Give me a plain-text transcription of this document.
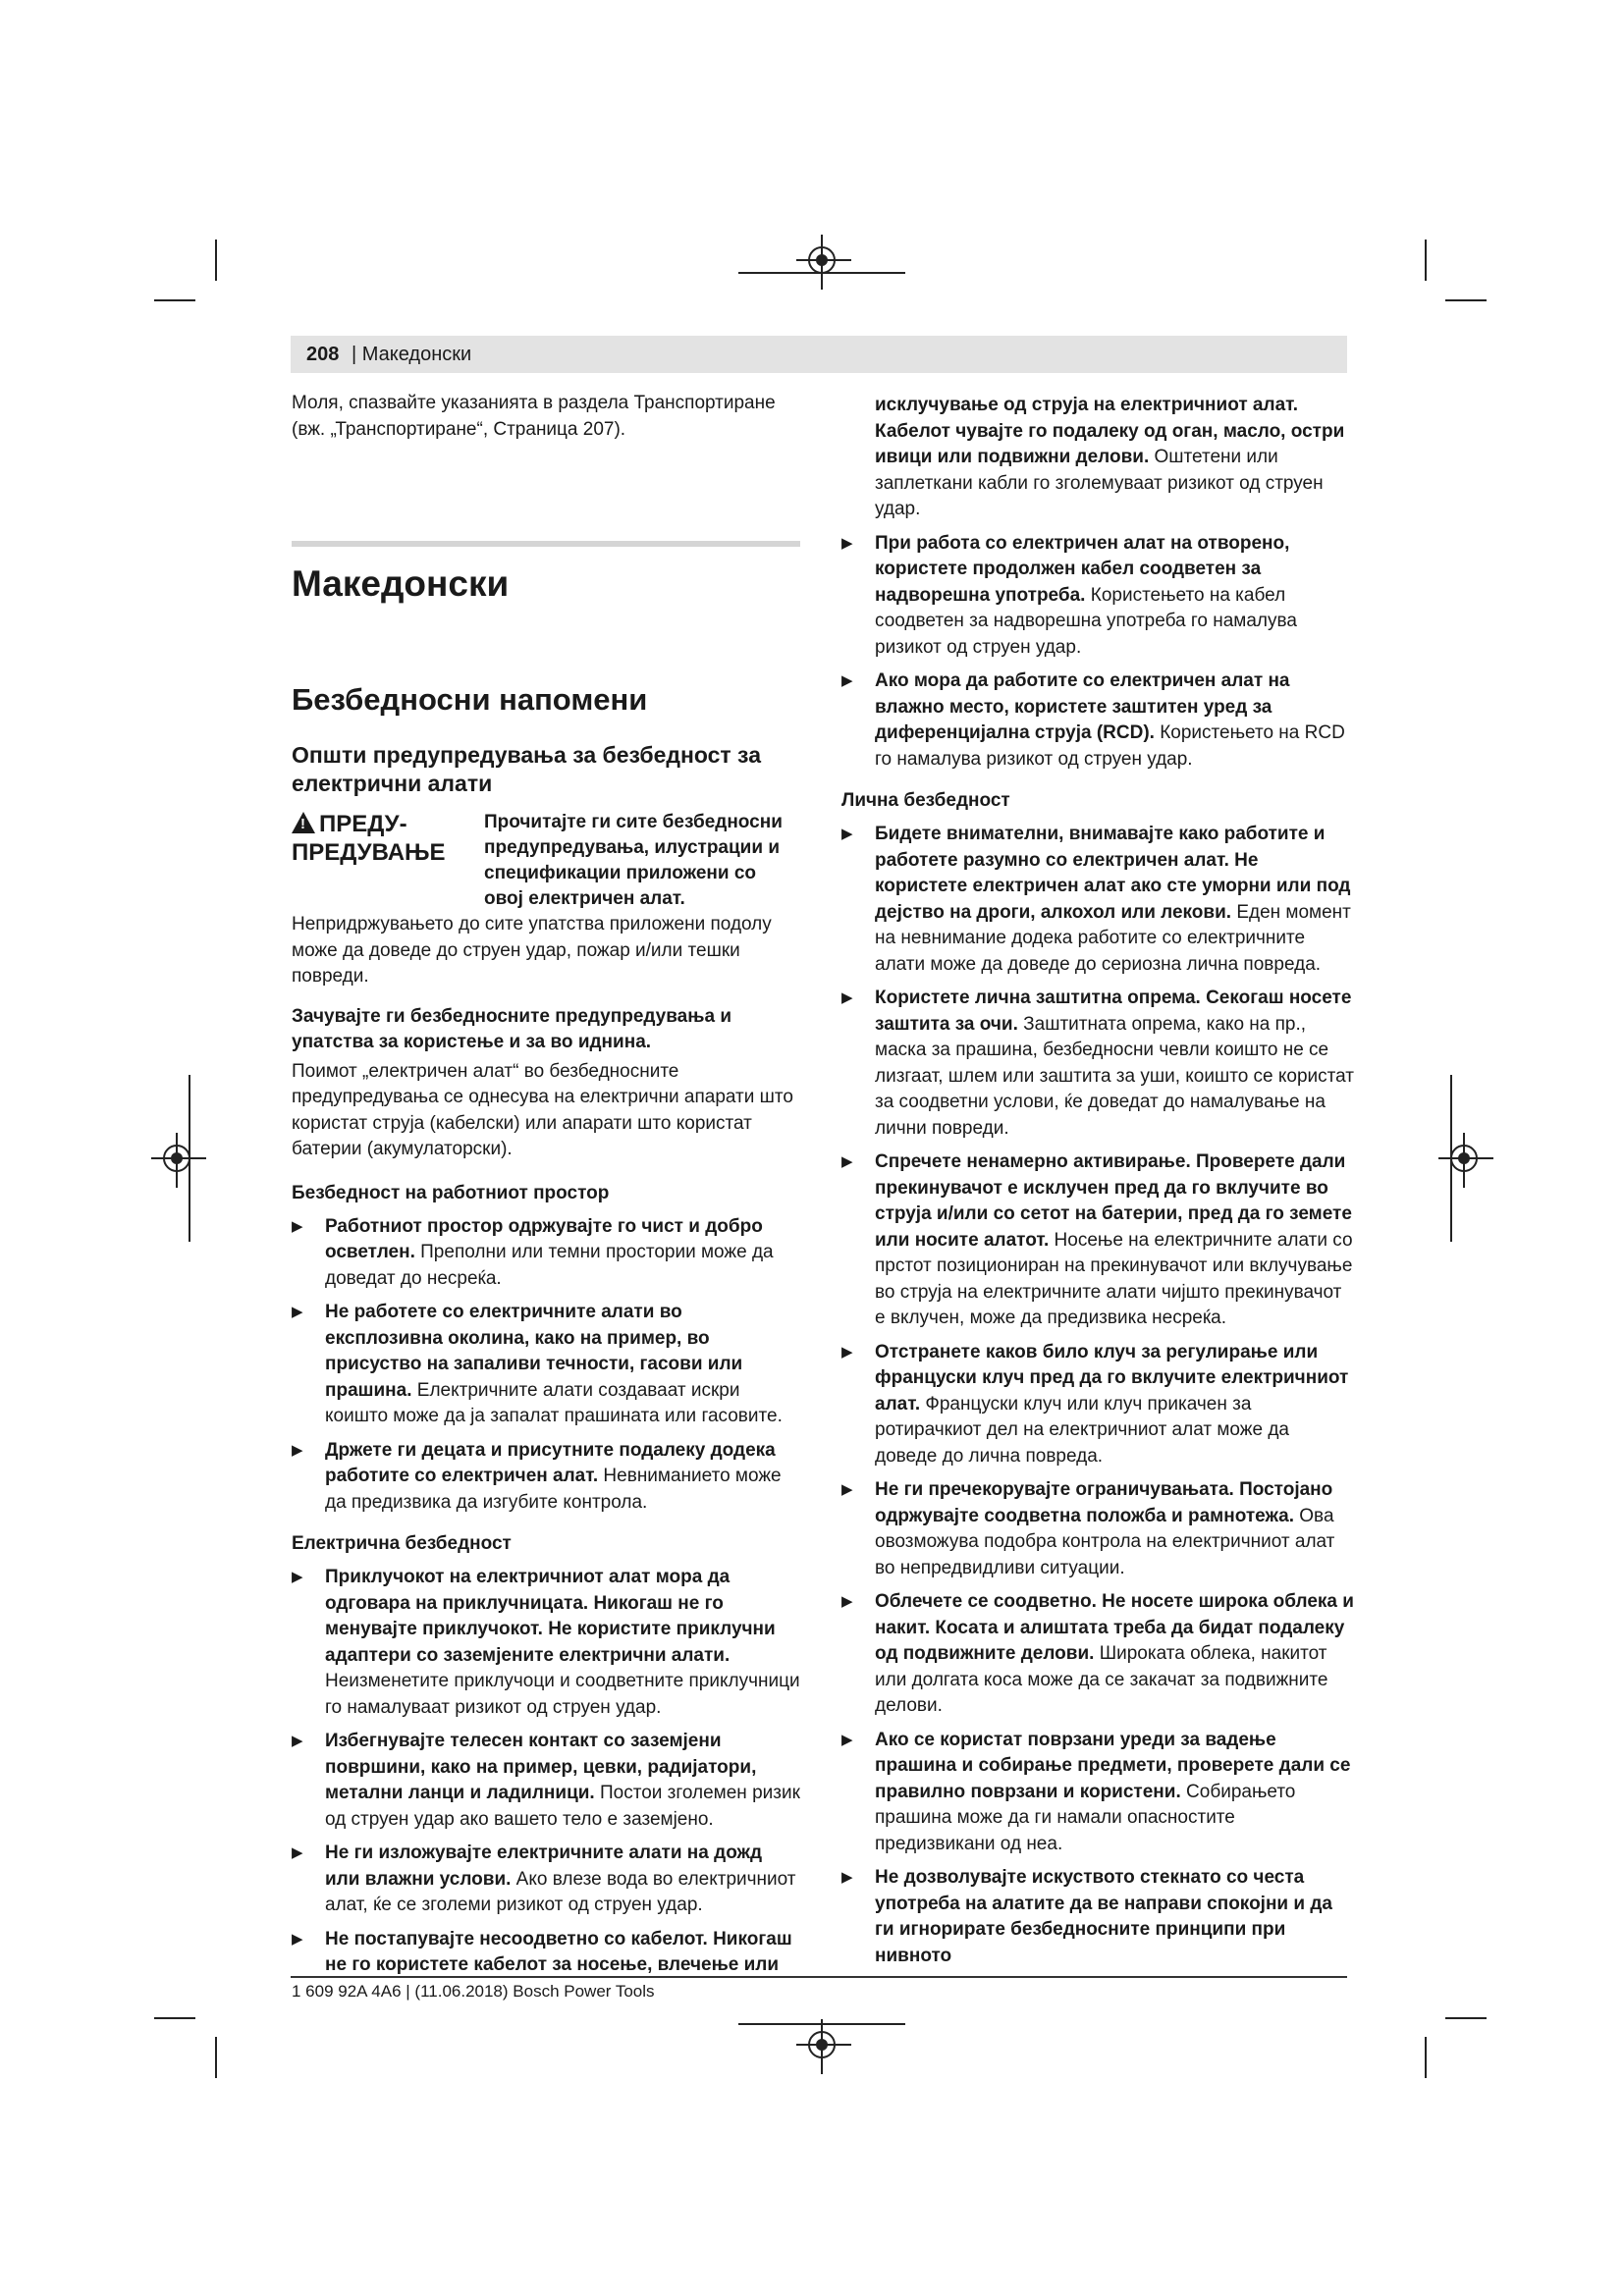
208 | Македонски

Моля, спазвайте указанията в раздела Транспортиране (вж. „Транспортиране“, Страница 207).

Македонски
Безбедносни напомени
Општи предупредувања за безбедност за електрични алати
! ПРЕДУ-ПРЕДУВАЊЕ
Прочитајте ги сите безбедносни предупредувања, илустрации и спецификации приложени со овој електричен алат.

Непридржувањето до сите упатства приложени подолу може да доведе до струен удар, пожар и/или тешки повреди.

Зачувајте ги безбедносните предупредувања и упатства за користење и за во иднина.

Поимот „електричен алат“ во безбедносните предупредувања се однесува на електрични апарати што користат струја (кабелски) или апарати што користат батерии (акумулаторски).

Безбедност на работниот простор
▶	Работниот простор одржувајте го чист и добро осветлен. Преполни или темни простории може да доведат до несреќа.
▶	Не работете со електричните алати во експлозивна околина, како на пример, во присуство на запаливи течности, гасови или прашина. Електричните алати создаваат искри коишто може да ја запалат прашината или гасовите.
▶	Држете ги децата и присутните подалеку додека работите со електричен алат. Невниманието може да предизвика да изгубите контрола.
Електрична безбедност
▶	Приклучокот на електричниот алат мора да одговара на приклучницата. Никогаш не го менувајте приклучокот. Не користите приклучни адаптери со заземјените електрични алати. Неизменетите приклучоци и соодветните приклучници го намалуваат ризикот од струен удар.
▶	Избегнувајте телесен контакт со заземјени површини, како на пример, цевки, радијатори, метални ланци и ладилници. Постои зголемен ризик од струен удар ако вашето тело е заземјено.
▶	Не ги изложувајте електричните алати на дожд или влажни услови. Ако влезе вода во електричниот алат, ќе се зголеми ризикот од струен удар.
▶	Не постапувајте несоодветно со кабелот. Никогаш не го користете кабелот за носење, влечење или

исклучување од струја на електричниот алат. Кабелот чувајте го подалеку од оган, масло, остри ивици или подвижни делови. Оштетени или заплеткани кабли го зголемуваат ризикот од струен удар.

▶	При работа со електричен алат на отворено, користете продолжен кабел соодветен за надворешна употреба. Користењето на кабел соодветен за надворешна употреба го намалува ризикот од струен удар.
▶	Ако мора да работите со електричен алат на влажно место, користете заштитен уред за диференцијална струја (RCD). Користењето на RCD го намалува ризикот од струен удар.
Лична безбедност
▶	Бидете внимателни, внимавајте како работите и работете разумно со електричен алат. Не користете електричен алат ако сте уморни или под дејство на дроги, алкохол или лекови. Еден момент на невнимание додека работите со електричните алати може да доведе до сериозна лична повреда.
▶	Користете лична заштитна опрема. Секогаш носете заштита за очи. Заштитната опрема, како на пр., маска за прашина, безбедносни чевли коишто не се лизгаат, шлем или заштита за уши, коишто се користат за соодветни услови, ќе доведат до намалување на лични повреди.
▶	Спречете ненамерно активирање. Проверете дали прекинувачот е исклучен пред да го вклучите во струја и/или со сетот на батерии, пред да го земете или носите алатот. Носење на електричните алати со прстот позициониран на прекинувачот или вклучување во струја на електричните алати чијшто прекинувачот е вклучен, може да предизвика несреќа.
▶	Отстранете каков било клуч за регулирање или француски клуч пред да го вклучите електричниот алат. Француски клуч или клуч прикачен за ротирачкиот дел на електричниот алат може да доведе до лична повреда.
▶	Не ги пречекорувајте ограничувањата. Постојано одржувајте соодветна положба и рамнотежа. Ова овозможува подобра контрола на електричниот алат во непредвидливи ситуации.
▶	Облечете се соодветно. Не носете широка облека и накит. Косата и алиштата треба да бидат подалеку од подвижните делови. Широката облека, накитот или долгата коса може да се закачат за подвижните делови.
▶	Ако се користат поврзани уреди за вадење прашина и собирање предмети, проверете дали се правилно поврзани и користени. Собирањето прашина може да ги намали опасностите предизвикани од неа.
▶	Не дозволувајте искуството стекнато со честа употреба на алатите да ве направи спокојни и да ги игнорирате безбедносните принципи при нивното
1 609 92A 4A6 | (11.06.2018) Bosch Power Tools
